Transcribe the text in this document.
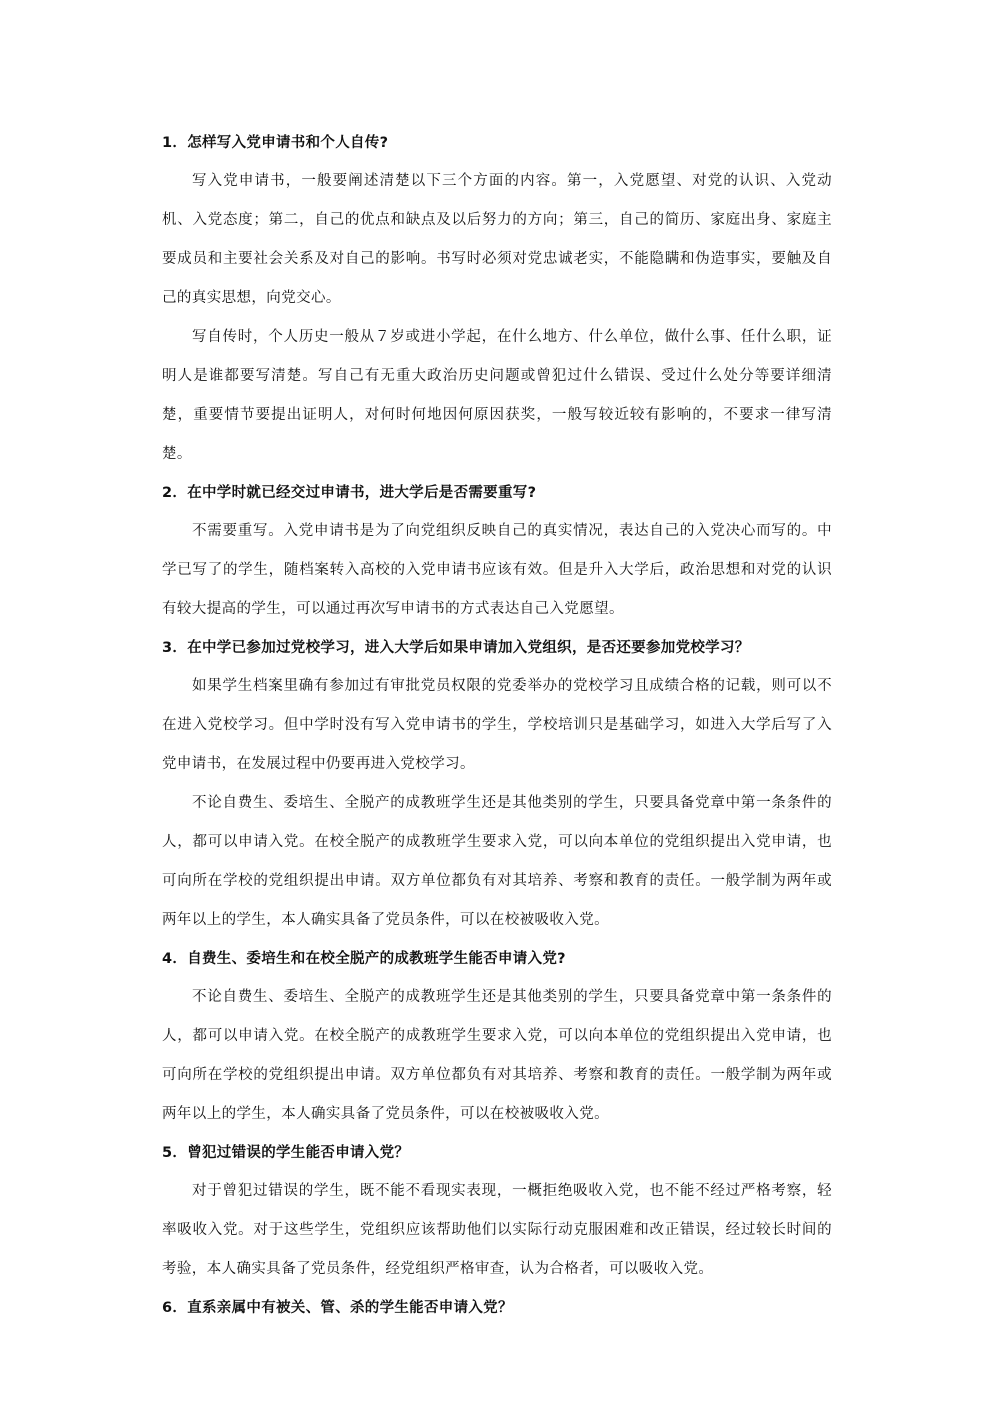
1．怎样写入党申请书和个人自传?

写入党申请书，一般要阐述清楚以下三个方面的内容。第一，入党愿望、对党的认识、入党动机、入党态度；第二，自己的优点和缺点及以后努力的方向；第三，自己的简历、家庭出身、家庭主要成员和主要社会关系及对自己的影响。书写时必须对党忠诚老实，不能隐瞒和伪造事实，要触及自己的真实思想，向党交心。

写自传时，个人历史一般从７岁或进小学起，在什么地方、什么单位，做什么事、任什么职，证明人是谁都要写清楚。写自己有无重大政治历史问题或曾犯过什么错误、受过什么处分等要详细清楚，重要情节要提出证明人，对何时何地因何原因获奖，一般写较近较有影响的，不要求一律写清楚。

2．在中学时就已经交过申请书，进大学后是否需要重写?

不需要重写。入党申请书是为了向党组织反映自己的真实情况，表达自己的入党决心而写的。中学已写了的学生，随档案转入高校的入党申请书应该有效。但是升入大学后，政治思想和对党的认识有较大提高的学生，可以通过再次写申请书的方式表达自己入党愿望。

3．在中学已参加过党校学习，进入大学后如果申请加入党组织，是否还要参加党校学习？

如果学生档案里确有参加过有审批党员权限的党委举办的党校学习且成绩合格的记载，则可以不在进入党校学习。但中学时没有写入党申请书的学生，学校培训只是基础学习，如进入大学后写了入党申请书，在发展过程中仍要再进入党校学习。

不论自费生、委培生、全脱产的成教班学生还是其他类别的学生，只要具备党章中第一条条件的人，都可以申请入党。在校全脱产的成教班学生要求入党，可以向本单位的党组织提出入党申请，也可向所在学校的党组织提出申请。双方单位都负有对其培养、考察和教育的责任。一般学制为两年或两年以上的学生，本人确实具备了党员条件，可以在校被吸收入党。

4．自费生、委培生和在校全脱产的成教班学生能否申请入党?

不论自费生、委培生、全脱产的成教班学生还是其他类别的学生，只要具备党章中第一条条件的人，都可以申请入党。在校全脱产的成教班学生要求入党，可以向本单位的党组织提出入党申请，也可向所在学校的党组织提出申请。双方单位都负有对其培养、考察和教育的责任。一般学制为两年或两年以上的学生，本人确实具备了党员条件，可以在校被吸收入党。

5．曾犯过错误的学生能否申请入党？

对于曾犯过错误的学生，既不能不看现实表现，一概拒绝吸收入党，也不能不经过严格考察，轻率吸收入党。对于这些学生，党组织应该帮助他们以实际行动克服困难和改正错误，经过较长时间的考验，本人确实具备了党员条件，经党组织严格审查，认为合格者，可以吸收入党。

6．直系亲属中有被关、管、杀的学生能否申请入党？
